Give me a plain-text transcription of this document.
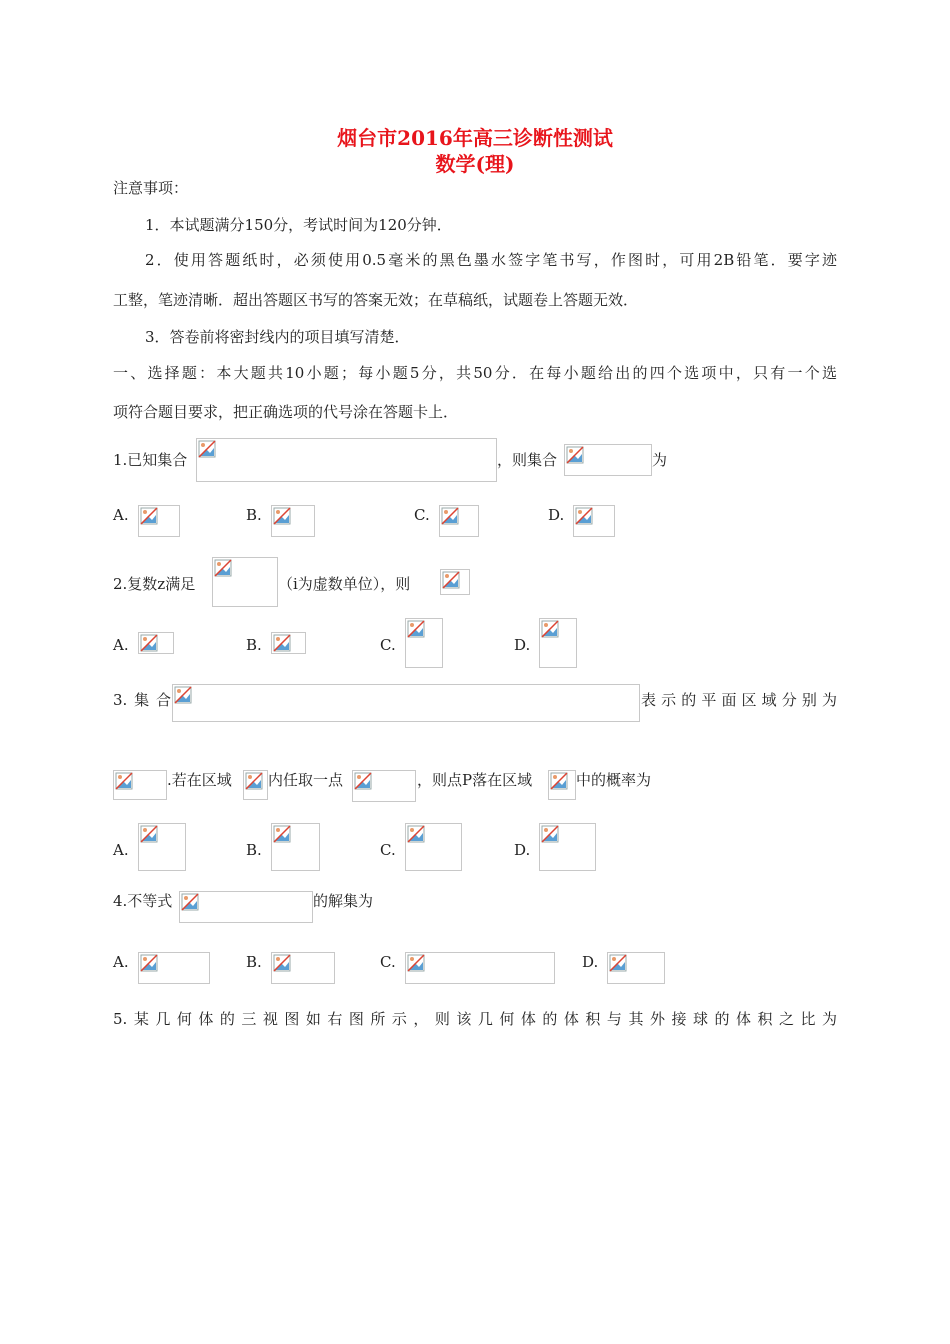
烟台市2016年高三诊断性测试
数学(理)
注意事项：
1．本试题满分150分，考试时间为120分钟．
2．使用答题纸时，必须使用0.5毫米的黑色墨水签字笔书写，作图时，可用2B铅笔．要字迹
工整，笔迹清晰．超出答题区书写的答案无效；在草稿纸，试题卷上答题无效．
3．答卷前将密封线内的项目填写清楚．
一、选择题：本大题共10小题；每小题5分，共50分．在每小题给出的四个选项中，只有一个选
项符合题目要求，把正确选项的代号涂在答题卡上．
1.已知集合	，则集合	为
A.	B.	C.	D.
2.复数z满足	（i为虚数单位），则
A.	B.	C.	D.
3.集合	表示的平面区域分别为
.若在区域 内任取一点	，则点P落在区域	中的概率为
A.	B.	C.	D.
4.不等式	的解集为
A.	B.	C.	D.
5.某几何体的三视图如右图所示，则该几何体的体积与其外接球的体积之比为
